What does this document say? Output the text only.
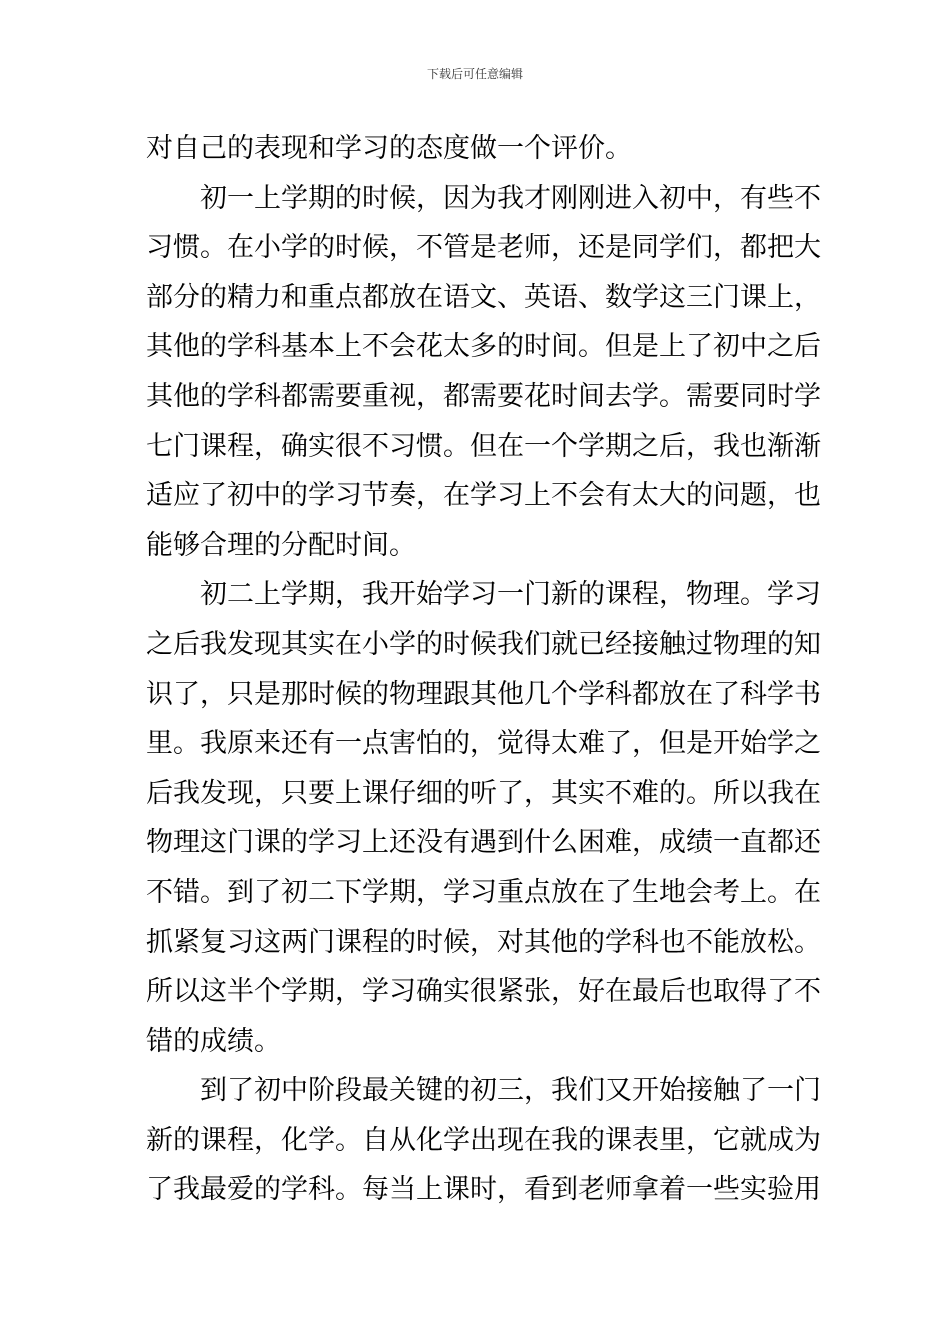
下载后可任意编辑
对自己的表现和学习的态度做一个评价。
初一上学期的时候，因为我才刚刚进入初中，有些不
习惯。在小学的时候，不管是老师，还是同学们，都把大
部分的精力和重点都放在语文、英语、数学这三门课上，
其他的学科基本上不会花太多的时间。但是上了初中之后
其他的学科都需要重视，都需要花时间去学。需要同时学
七门课程，确实很不习惯。但在一个学期之后，我也渐渐
适应了初中的学习节奏，在学习上不会有太大的问题，也
能够合理的分配时间。
初二上学期，我开始学习一门新的课程，物理。学习
之后我发现其实在小学的时候我们就已经接触过物理的知
识了，只是那时候的物理跟其他几个学科都放在了科学书
里。我原来还有一点害怕的，觉得太难了，但是开始学之
后我发现，只要上课仔细的听了，其实不难的。所以我在
物理这门课的学习上还没有遇到什么困难，成绩一直都还
不错。到了初二下学期，学习重点放在了生地会考上。在
抓紧复习这两门课程的时候，对其他的学科也不能放松。
所以这半个学期，学习确实很紧张，好在最后也取得了不
错的成绩。
到了初中阶段最关键的初三，我们又开始接触了一门
新的课程，化学。自从化学出现在我的课表里，它就成为
了我最爱的学科。每当上课时，看到老师拿着一些实验用
